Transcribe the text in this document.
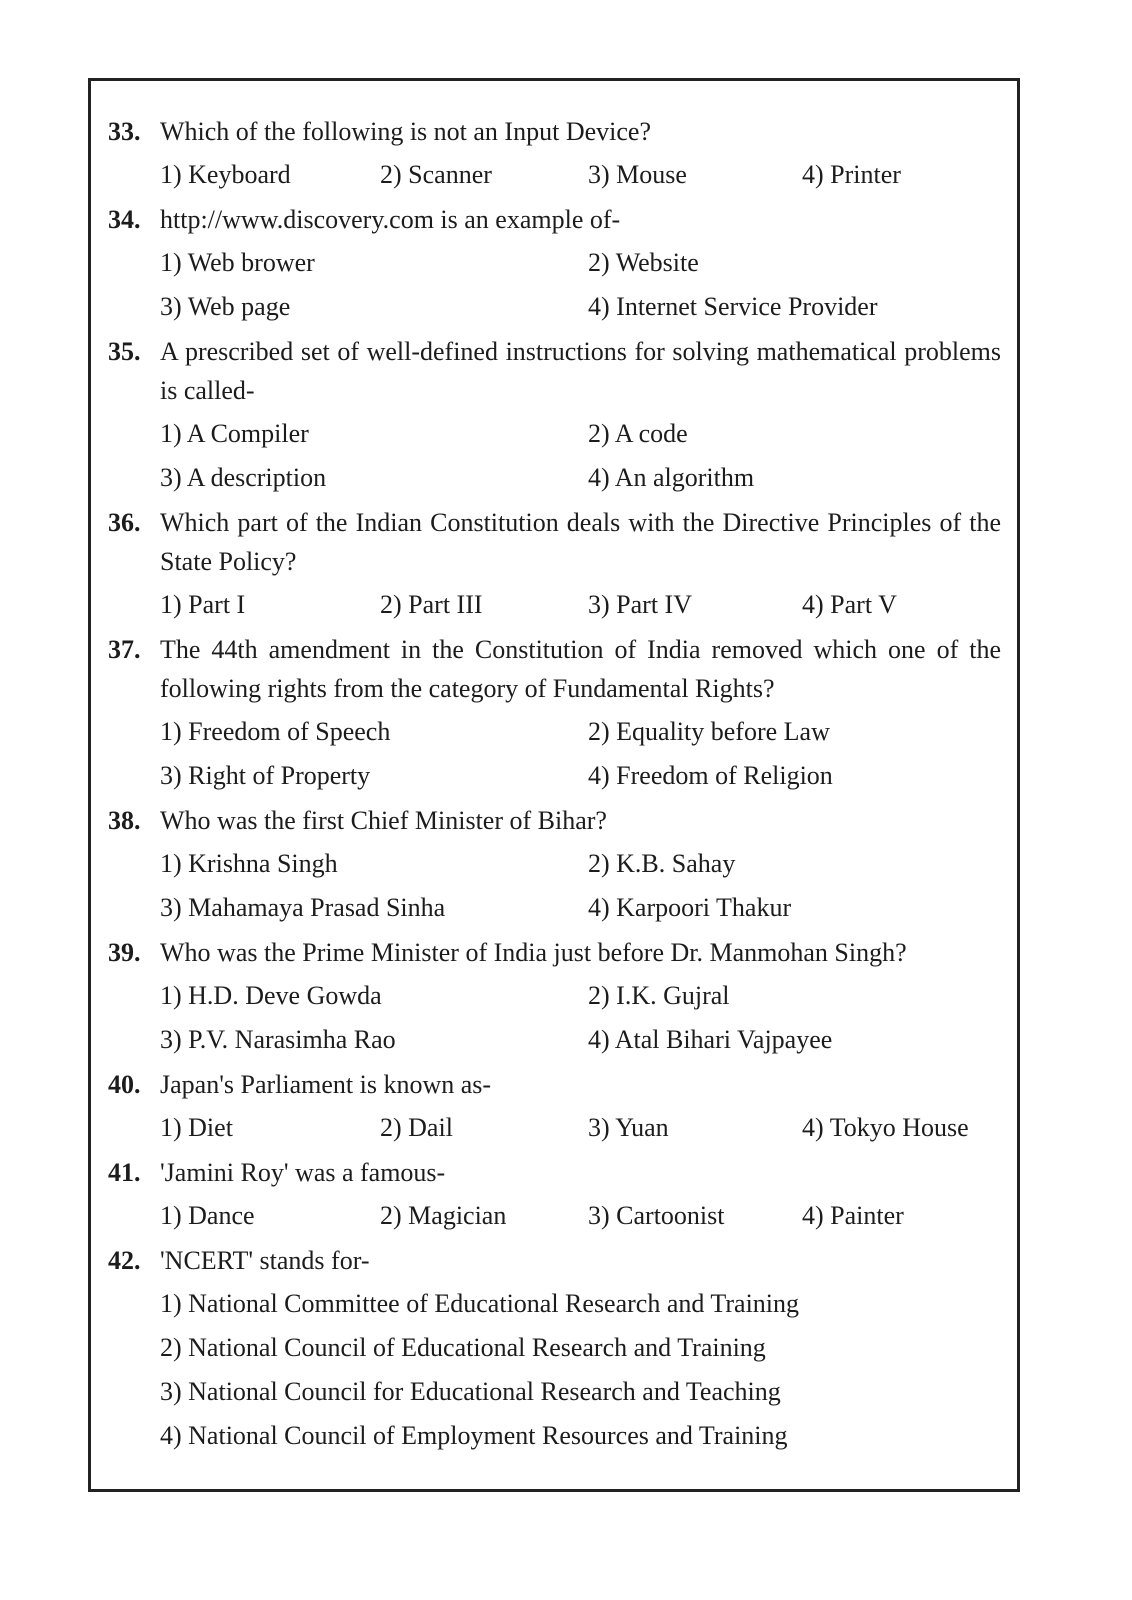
33. Which of the following is not an Input Device?
1) Keyboard	2) Scanner	3) Mouse	4) Printer
34. http://www.discovery.com is an example of-
1) Web brower	2) Website
3) Web page	4) Internet Service Provider
35. A prescribed set of well-defined instructions for solving mathematical problems is called-
1) A Compiler	2) A code
3) A description	4) An algorithm
36. Which part of the Indian Constitution deals with the Directive Principles of the State Policy?
1) Part I	2) Part III	3) Part IV	4) Part V
37. The 44th amendment in the Constitution of India removed which one of the following rights from the category of Fundamental Rights?
1) Freedom of Speech	2) Equality before Law
3) Right of Property	4) Freedom of Religion
38. Who was the first Chief Minister of Bihar?
1) Krishna Singh	2) K.B. Sahay
3) Mahamaya Prasad Sinha	4) Karpoori Thakur
39. Who was the Prime Minister of India just before Dr. Manmohan Singh?
1) H.D. Deve Gowda	2) I.K. Gujral
3) P.V. Narasimha Rao	4) Atal Bihari Vajpayee
40. Japan's Parliament is known as-
1) Diet	2) Dail	3) Yuan	4) Tokyo House
41. 'Jamini Roy' was a famous-
1) Dance	2) Magician	3) Cartoonist	4) Painter
42. 'NCERT' stands for-
1) National Committee of Educational Research and Training
2) National Council of Educational Research and Training
3) National Council for Educational Research and Teaching
4) National Council of Employment Resources and Training
